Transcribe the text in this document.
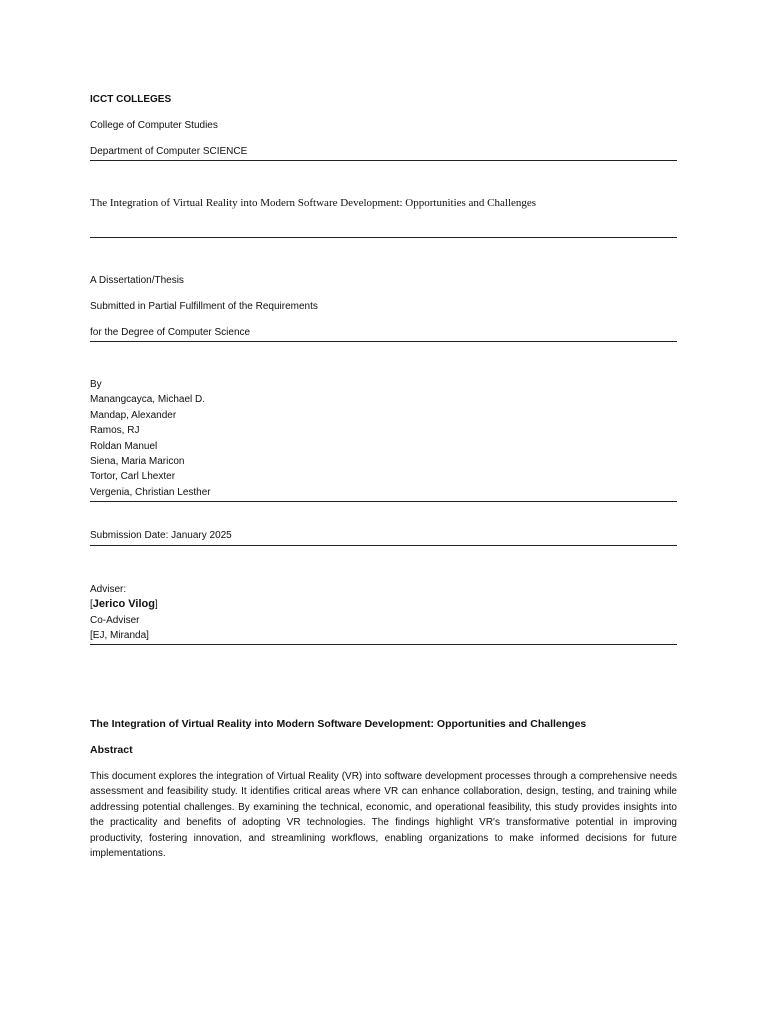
ICCT COLLEGES
College of Computer Studies
Department of Computer SCIENCE
The Integration of Virtual Reality into Modern Software Development: Opportunities and Challenges
A Dissertation/Thesis
Submitted in Partial Fulfillment of the Requirements
for the Degree of Computer Science
By
Manangcayca, Michael D.
Mandap, Alexander
Ramos, RJ
Roldan Manuel
Siena, Maria Maricon
Tortor, Carl Lhexter
Vergenia, Christian Lesther
Submission Date: January 2025
Adviser:
[Jerico Vilog]
Co-Adviser
[EJ, Miranda]
The Integration of Virtual Reality into Modern Software Development: Opportunities and Challenges
Abstract
This document explores the integration of Virtual Reality (VR) into software development processes through a comprehensive needs assessment and feasibility study. It identifies critical areas where VR can enhance collaboration, design, testing, and training while addressing potential challenges. By examining the technical, economic, and operational feasibility, this study provides insights into the practicality and benefits of adopting VR technologies. The findings highlight VR's transformative potential in improving productivity, fostering innovation, and streamlining workflows, enabling organizations to make informed decisions for future implementations.
